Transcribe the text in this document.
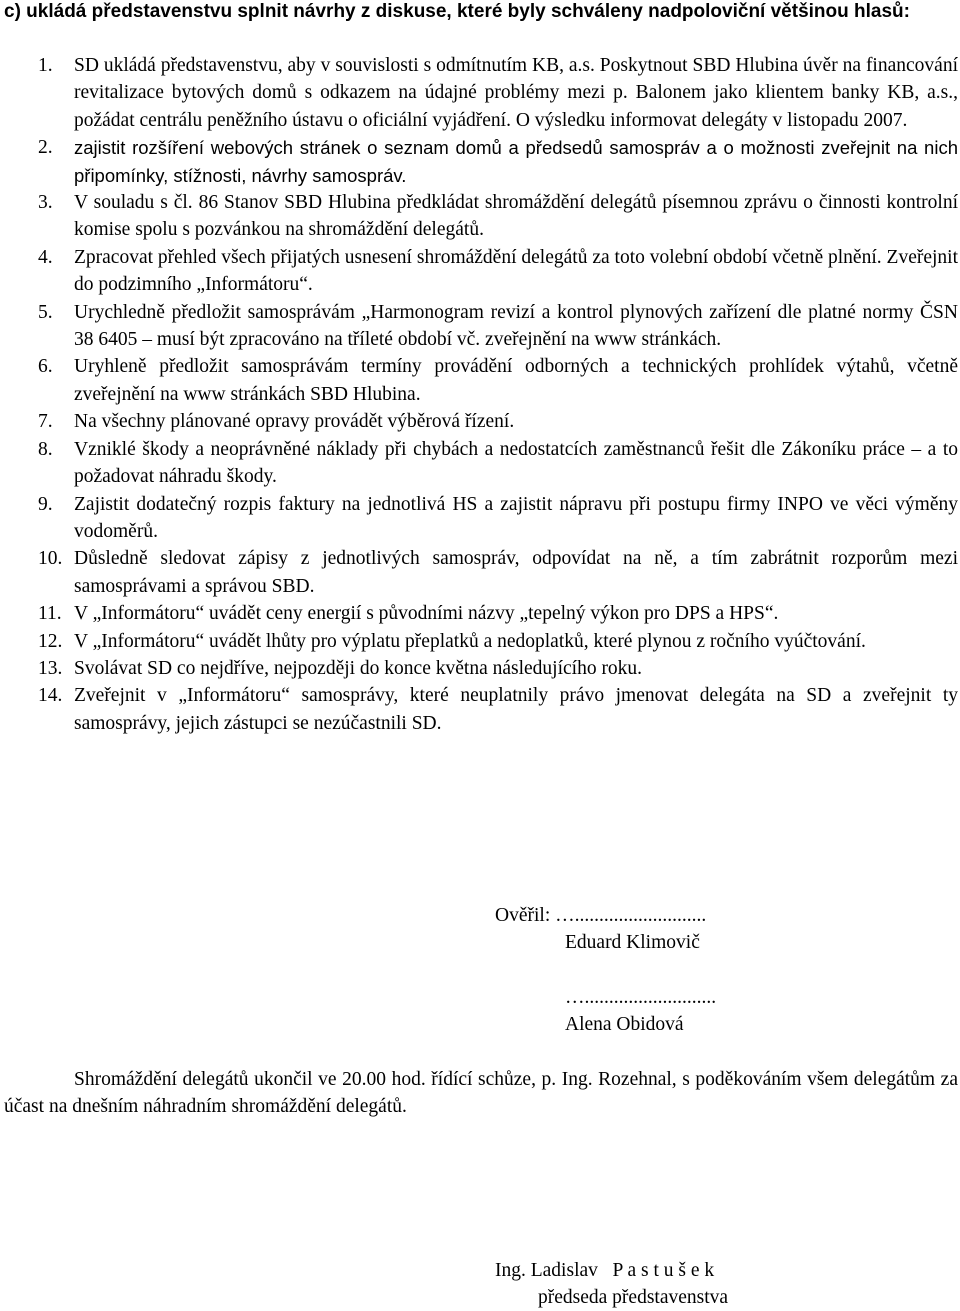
c) ukládá představenstvu splnit návrhy z diskuse, které byly schváleny nadpoloviční většinou hlasů:
1.	SD ukládá představenstvu, aby v souvislosti s odmítnutím KB, a.s. Poskytnout SBD Hlubina úvěr na financování revitalizace bytových domů s odkazem na údajné problémy mezi p. Balonem jako klientem banky KB, a.s., požádat centrálu peněžního ústavu o oficiální vyjádření. O výsledku informovat delegáty v listopadu 2007.
2.	zajistit rozšíření webových stránek o seznam domů a předsedů samospráv a o možnosti zveřejnit na nich připomínky, stížnosti, návrhy samospráv.
3.	V souladu s čl. 86 Stanov SBD Hlubina předkládat shromáždění delegátů písemnou zprávu o činnosti kontrolní komise spolu s pozvánkou na shromáždění delegátů.
4.	Zpracovat přehled všech přijatých usnesení shromáždění delegátů za toto volební období včetně plnění. Zveřejnit do podzimního „Informátoru“.
5.	Urychledně předložit samosprávám „Harmonogram revizí a kontrol plynových zařízení dle platné normy ČSN 38 6405 – musí být zpracováno na tříleté období vč. zveřejnění na www stránkách.
6.	Uryhleně předložit samosprávám termíny provádění odborných a technických prohlídek výtahů, včetně zveřejnění na www stránkách SBD Hlubina.
7.	Na všechny plánované opravy provádět výběrová řízení.
8.	Vzniklé škody a neoprávněné náklady při chybách a nedostatcích zaměstnanců řešit dle Zákoníku práce – a to požadovat náhradu škody.
9.	Zajistit dodatečný rozpis faktury na jednotlivá HS a zajistit nápravu při postupu firmy INPO ve věci výměny vodoměrů.
10. Důsledně sledovat zápisy z jednotlivých samospráv, odpovídat na ně, a tím zabrátnit rozporům mezi samosprávami a správou SBD.
11. V „Informátoru“ uvádět ceny energií s původními názvy „tepelný výkon pro DPS a HPS“.
12. V „Informátoru“ uvádět lhůty pro výplatu přeplatků a nedoplatků, které plynou z ročního vyúčtování.
13. Svolávat SD co nejdříve, nejpozději do konce května následujícího roku.
14. Zveřejnit v „Informátoru“ samosprávy, které neuplatnily právo jmenovat delegáta na SD a zveřejnit ty samosprávy, jejich zástupci se nezúčastnili SD.
Ověřil: …...........................
Eduard Klimovič
…...........................
Alena Obidová
Shromáždění delegátů ukončil ve 20.00 hod. řídící schůze, p. Ing. Rozehnal, s poděkováním všem delegátům za účast na dnešním náhradním shromáždění delegátů.
Ing. Ladislav   P a s t u š e k
předseda představenstva
